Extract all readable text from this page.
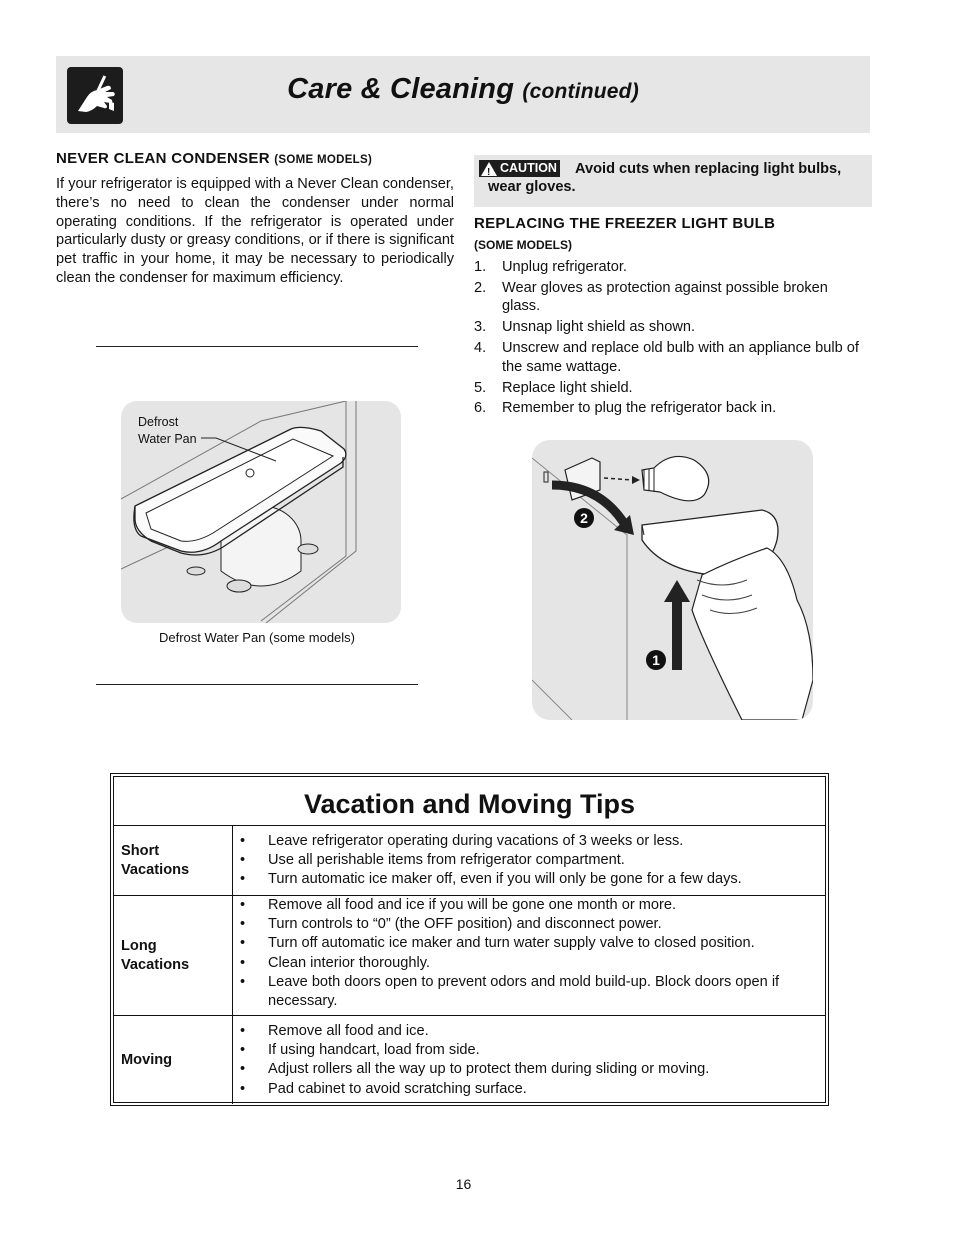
Care & Cleaning (continued)
NEVER CLEAN CONDENSER (SOME MODELS)
If your refrigerator is equipped with a Never Clean condenser, there’s no need to clean the condenser under normal operating conditions. If the refrigerator is operated under particularly dusty or greasy conditions, or if there is significant pet traffic in your home, it may be necessary to periodically clean the condenser for maximum efficiency.
Defrost
Water Pan
Defrost Water Pan (some models)
! CAUTION Avoid cuts when replacing light bulbs,
wear gloves.
REPLACING THE FREEZER LIGHT BULB
(SOME MODELS)
1.	Unplug refrigerator.
2.	Wear gloves as protection against possible broken glass.
3.	Unsnap light shield as shown.
4.	Unscrew and replace old bulb with an appliance bulb of the same wattage.
5.	Replace light shield.
6.	Remember to plug the refrigerator back in.
2
1
Vacation and Moving Tips
Short
Vacations
• Leave refrigerator operating during vacations of 3 weeks or less.
• Use all perishable items from refrigerator compartment.
• Turn automatic ice maker off, even if you will only be gone for a few days.
Long
Vacations
• Remove all food and ice if you will be gone one month or more.
• Turn controls to “0” (the OFF position) and disconnect power.
• Turn off automatic ice maker and turn water supply valve to closed position.
• Clean interior thoroughly.
• Leave both doors open to prevent odors and mold build-up. Block doors open if necessary.
Moving
• Remove all food and ice.
• If using handcart, load from side.
• Adjust rollers all the way up to protect them during sliding or moving.
• Pad cabinet to avoid scratching surface.
16
